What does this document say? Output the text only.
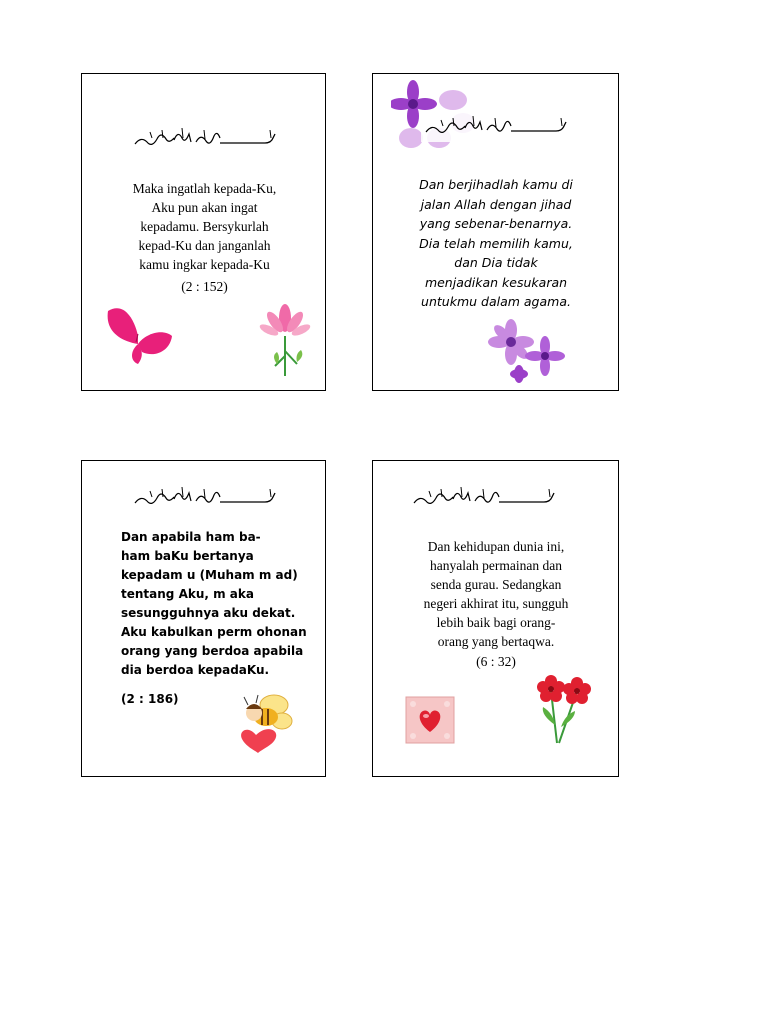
Maka ingatlah kepada-Ku,
Aku pun akan ingat
kepadamu. Bersykurlah
kepad-Ku dan janganlah
kamu ingkar kepada-Ku
(2 : 152)
Dan berjihadlah kamu di
jalan Allah dengan jihad
yang sebenar-benarnya.
Dia telah memilih kamu,
dan Dia tidak
menjadikan kesukaran
untukmu dalam agama.
Dan apabila ham ba-
ham baKu bertanya
kepadam u (Muham m ad)
tentang Aku, m aka
sesungguhnya aku dekat.
Aku kabulkan perm ohonan
orang yang berdoa apabila
dia berdoa kepadaKu.
(2 : 186)
Dan kehidupan dunia ini,
hanyalah permainan dan
senda gurau. Sedangkan
negeri akhirat itu, sungguh
lebih baik bagi orang-
orang yang bertaqwa.
(6 : 32)
